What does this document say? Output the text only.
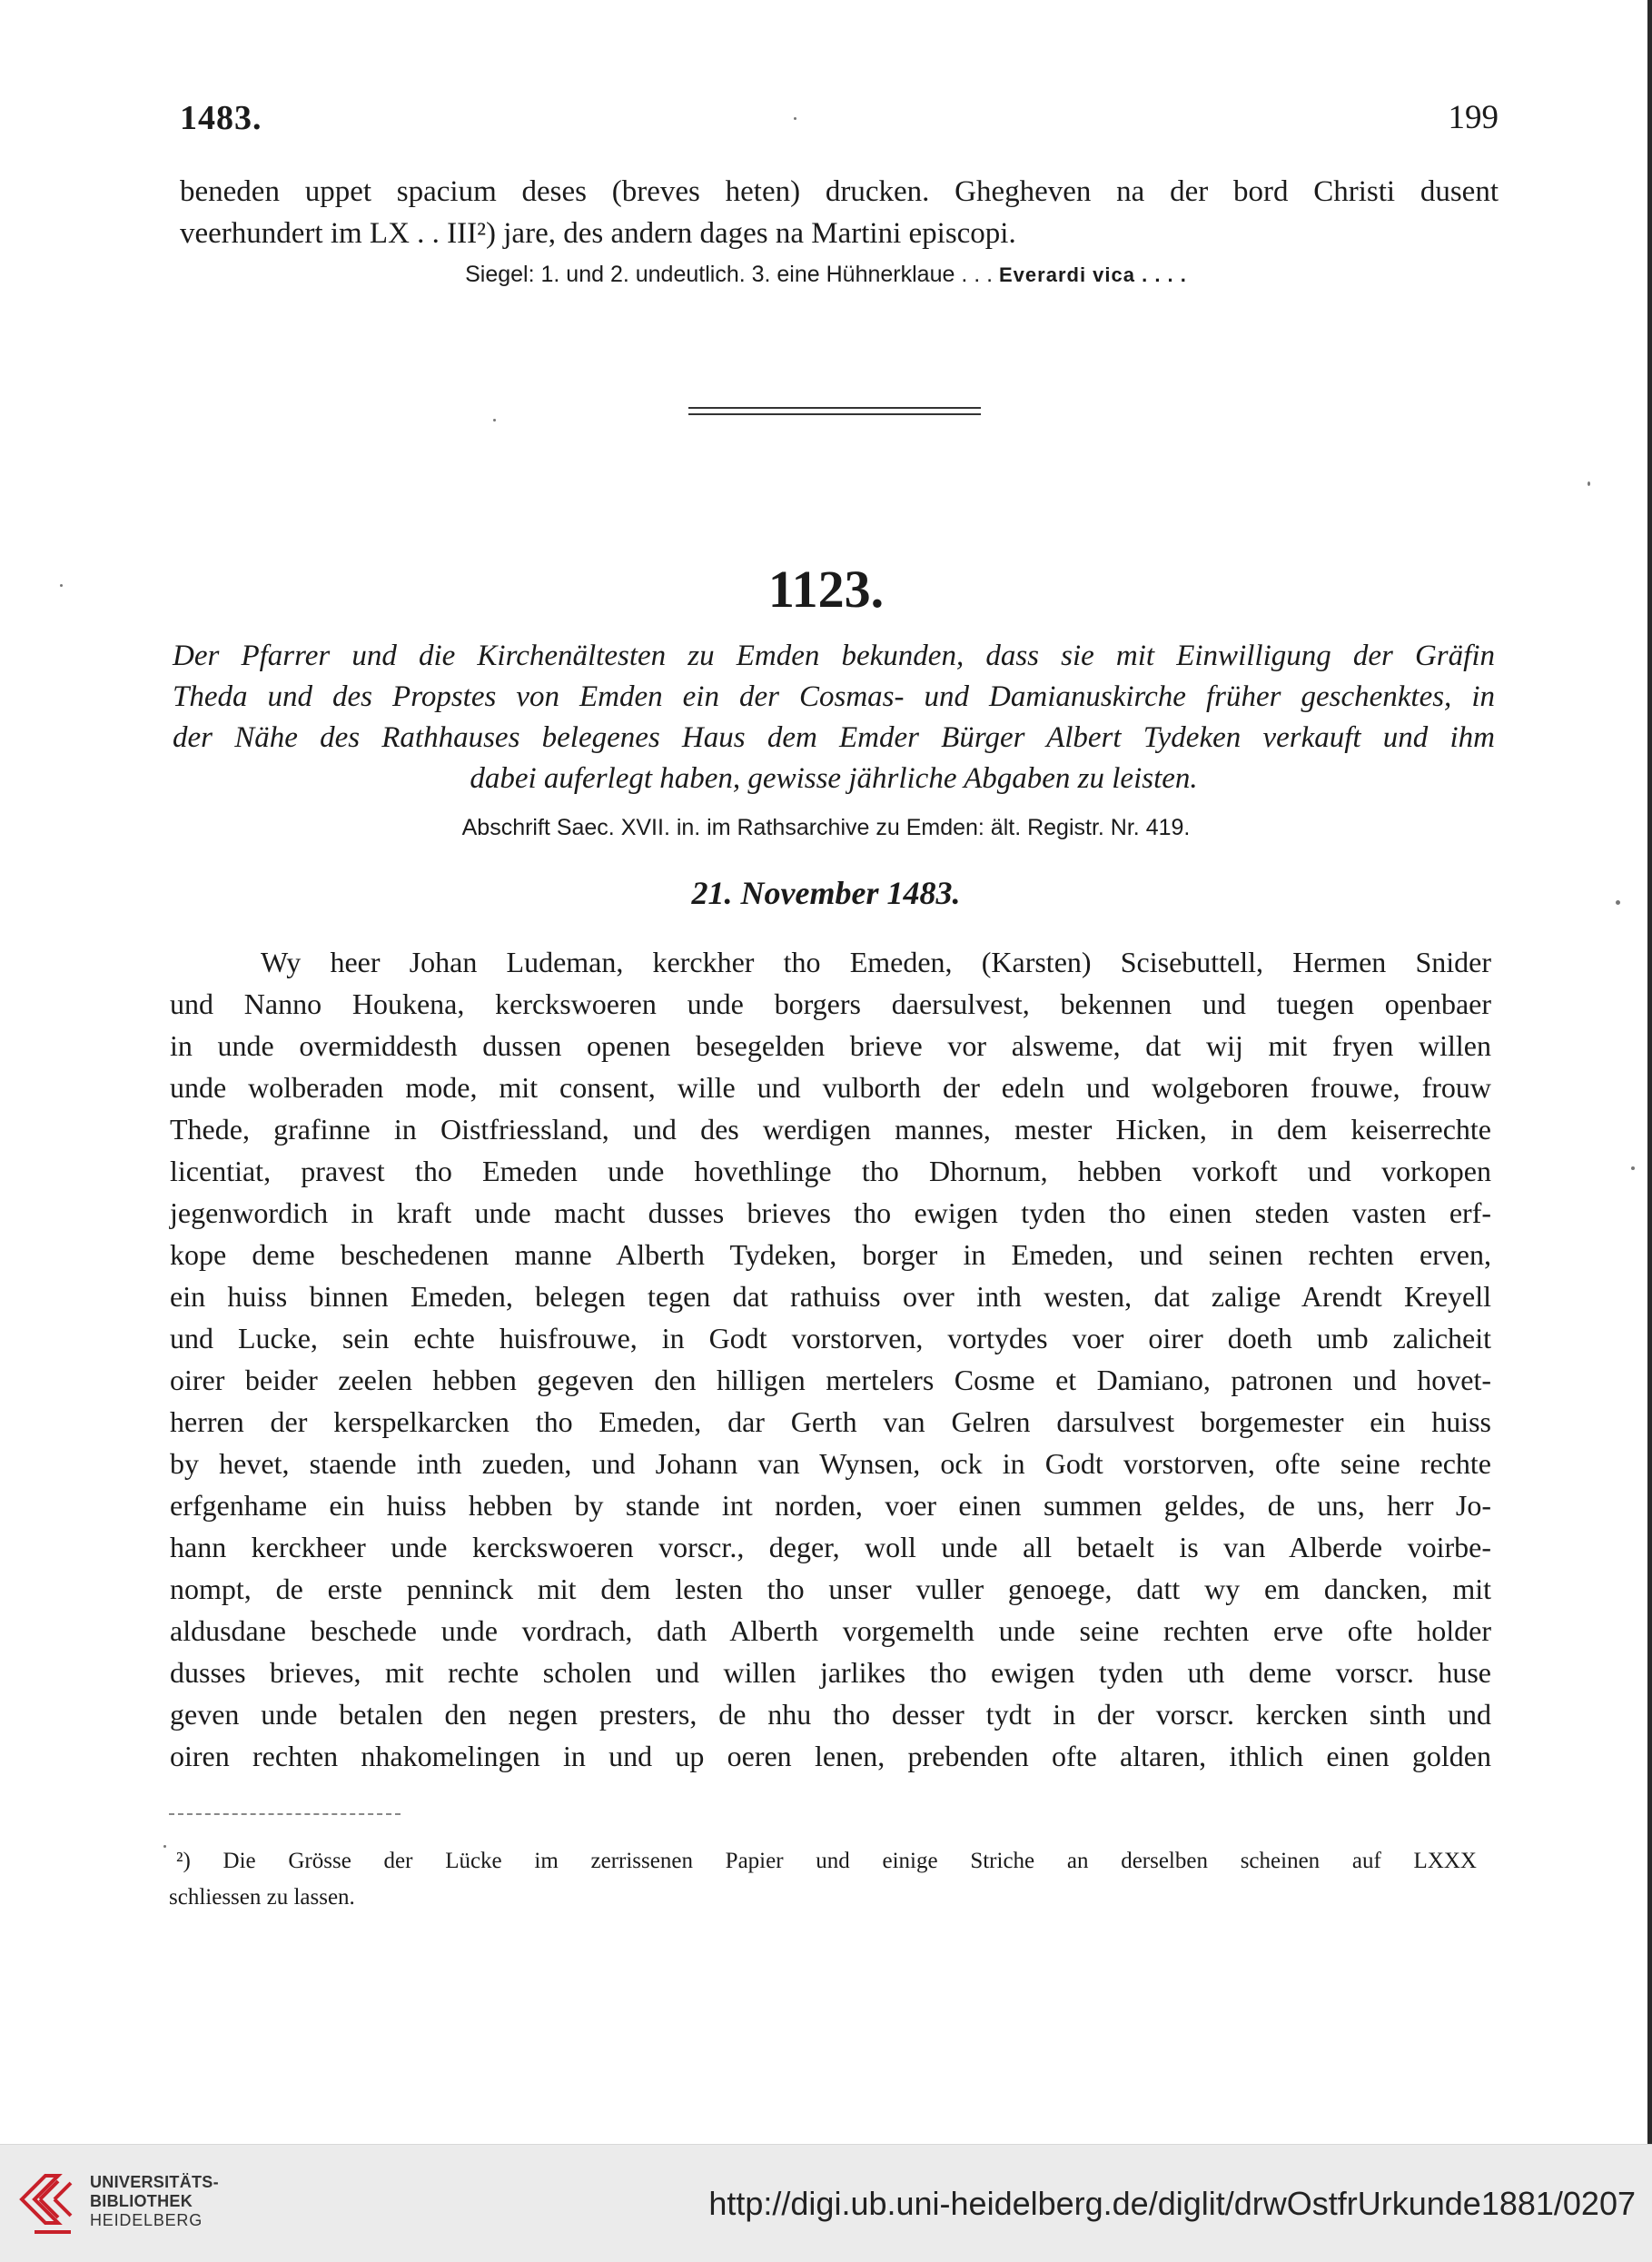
1483.	199
beneden uppet spacium deses (breves heten) drucken. Ghegheven na der bord Christi dusent
veerhundert im LX . . III²) jare, des andern dages na Martini episcopi.
Siegel: 1. und 2. undeutlich. 3. eine Hühnerklaue . . . Everardi vica . . . .
1123.
Der Pfarrer und die Kirchenältesten zu Emden bekunden, dass sie mit Einwilligung der Gräfin
Theda und des Propstes von Emden ein der Cosmas- und Damianuskirche früher geschenktes, in
der Nähe des Rathhauses belegenes Haus dem Emder Bürger Albert Tydeken verkauft und ihm
dabei auferlegt haben, gewisse jährliche Abgaben zu leisten.
Abschrift Saec. XVII. in. im Rathsarchive zu Emden: ält. Registr. Nr. 419.
21. November 1483.
Wy heer Johan Ludeman, kerckher tho Emeden, (Karsten) Scisebuttell, Hermen Snider
und Nanno Houkena, kerckswoeren unde borgers daersulvest, bekennen und tuegen openbaer
in unde overmiddesth dussen openen besegelden brieve vor alsweme, dat wij mit fryen willen
unde wolberaden mode, mit consent, wille und vulborth der edeln und wolgeboren frouwe, frouw
Thede, grafinne in Oistfriessland, und des werdigen mannes, mester Hicken, in dem keiserrechte
licentiat, pravest tho Emeden unde hovethlinge tho Dhornum, hebben vorkoft und vorkopen
jegenwordich in kraft unde macht dusses brieves tho ewigen tyden tho einen steden vasten erf-
kope deme beschedenen manne Alberth Tydeken, borger in Emeden, und seinen rechten erven,
ein huiss binnen Emeden, belegen tegen dat rathuiss over inth westen, dat zalige Arendt Kreyell
und Lucke, sein echte huisfrouwe, in Godt vorstorven, vortydes voer oirer doeth umb zalicheit
oirer beider zeelen hebben gegeven den hilligen mertelers Cosme et Damiano, patronen und hovet-
herren der kerspelkarcken tho Emeden, dar Gerth van Gelren darsulvest borgemester ein huiss
by hevet, staende inth zueden, und Johann van Wynsen, ock in Godt vorstorven, ofte seine rechte
erfgenhame ein huiss hebben by stande int norden, voer einen summen geldes, de uns, herr Jo-
hann kerckheer unde kerckswoeren vorscr., deger, woll unde all betaelt is van Alberde voirbe-
nompt, de erste penninck mit dem lesten tho unser vuller genoege, datt wy em dancken, mit
aldusdane beschede unde vordrach, dath Alberth vorgemelth unde seine rechten erve ofte holder
dusses brieves, mit rechte scholen und willen jarlikes tho ewigen tyden uth deme vorscr. huse
geven unde betalen den negen presters, de nhu tho desser tydt in der vorscr. kercken sinth und
oiren rechten nhakomelingen in und up oeren lenen, prebenden ofte altaren, ithlich einen golden
²) Die Grösse der Lücke im zerrissenen Papier und einige Striche an derselben scheinen auf LXXX
schliessen zu lassen.
UNIVERSITÄTS-
BIBLIOTHEK
HEIDELBERG	http://digi.ub.uni-heidelberg.de/diglit/drwOstfrUrkunde1881/0207
